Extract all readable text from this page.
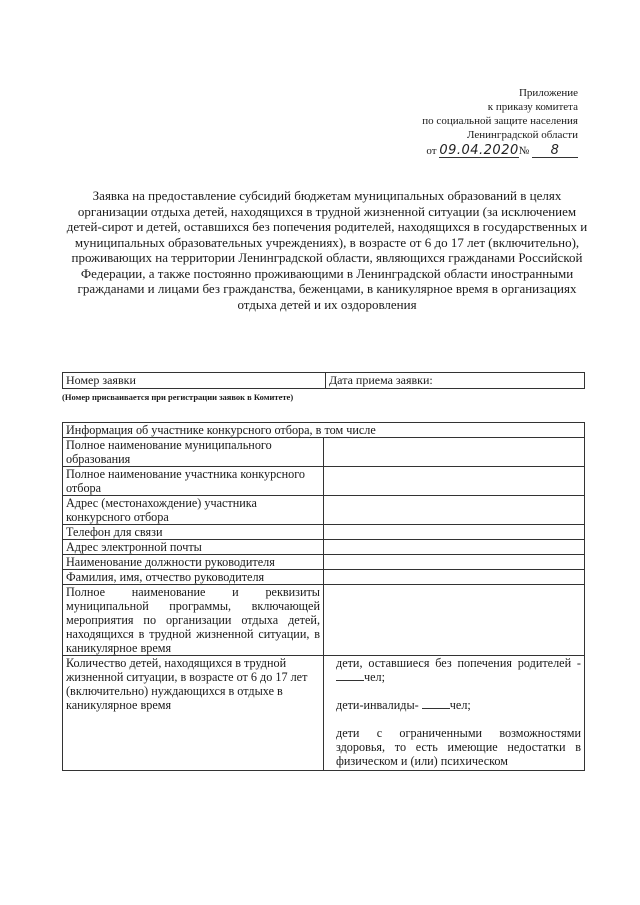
Приложение
к приказу комитета
по социальной защите населения
Ленинградской области
от 09.04.2020№ 8
Заявка на предоставление субсидий бюджетам муниципальных образований в целях организации отдыха детей, находящихся в трудной жизненной ситуации (за исключением детей-сирот и детей, оставшихся без попечения родителей, находящихся в государственных и муниципальных образовательных учреждениях), в возрасте от 6 до 17 лет (включительно), проживающих на территории Ленинградской области, являющихся гражданами Российской Федерации, а также постоянно проживающими в Ленинградской области иностранными гражданами и лицами без гражданства, беженцами, в каникулярное время в организациях отдыха детей и их оздоровления
Номер заявки	Дата приема заявки:
(Номер присваивается при регистрации заявок в Комитете)
Информация об участнике конкурсного отбора, в том числе	
Полное наименование муниципального образования	
Полное наименование участника конкурсного отбора	
Адрес (местонахождение) участника конкурсного отбора	
Телефон для связи	
Адрес электронной почты	
Наименование должности руководителя	
Фамилия, имя, отчество руководителя	
Полное наименование и реквизиты муниципальной программы, включающей мероприятия по организации отдыха детей, находящихся в трудной жизненной ситуации, в каникулярное время	
Количество детей, находящихся в трудной жизненной ситуации, в возрасте от 6 до 17 лет (включительно) нуждающихся в отдыхе в каникулярное время	дети, оставшиеся без попечения родителей - чел;
дети-инвалиды- чел;
дети с ограниченными возможностями здоровья, то есть имеющие недостатки в физическом и (или) психическом
